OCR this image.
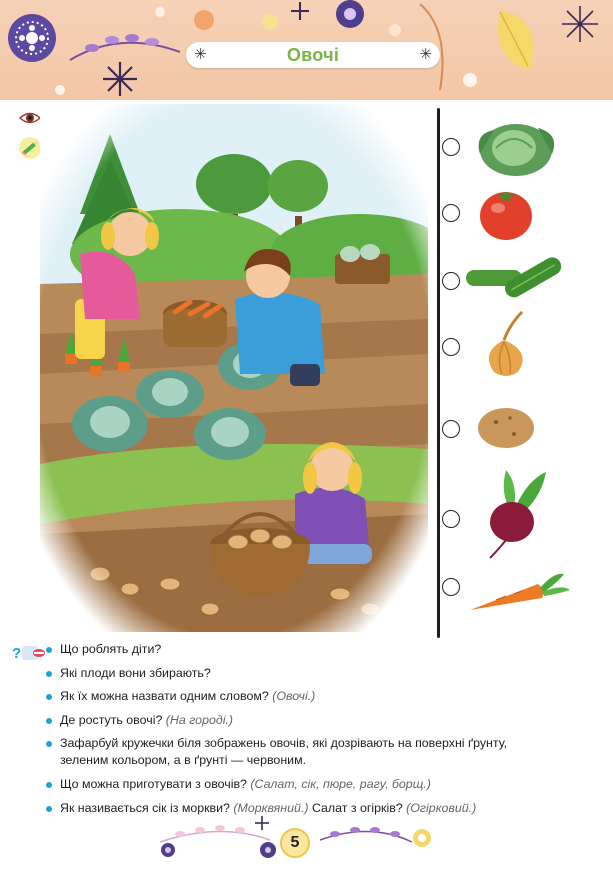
✳	Овочі	✳
?	Що роблять діти?
Які плоди вони збирають?
Як їх можна назвати одним словом? (Овочі.)
Де ростуть овочі? (На городі.)
Зафарбуй кружечки біля зображень овочів, які дозрівають на поверхні ґрунту,
зеленим кольором, а в ґрунті — червоним.
Що можна приготувати з овочів? (Салат, сік, пюре, рагу, борщ.)
Як називається сік із моркви? (Морквяний.) Салат з огірків? (Огірковий.)
5
